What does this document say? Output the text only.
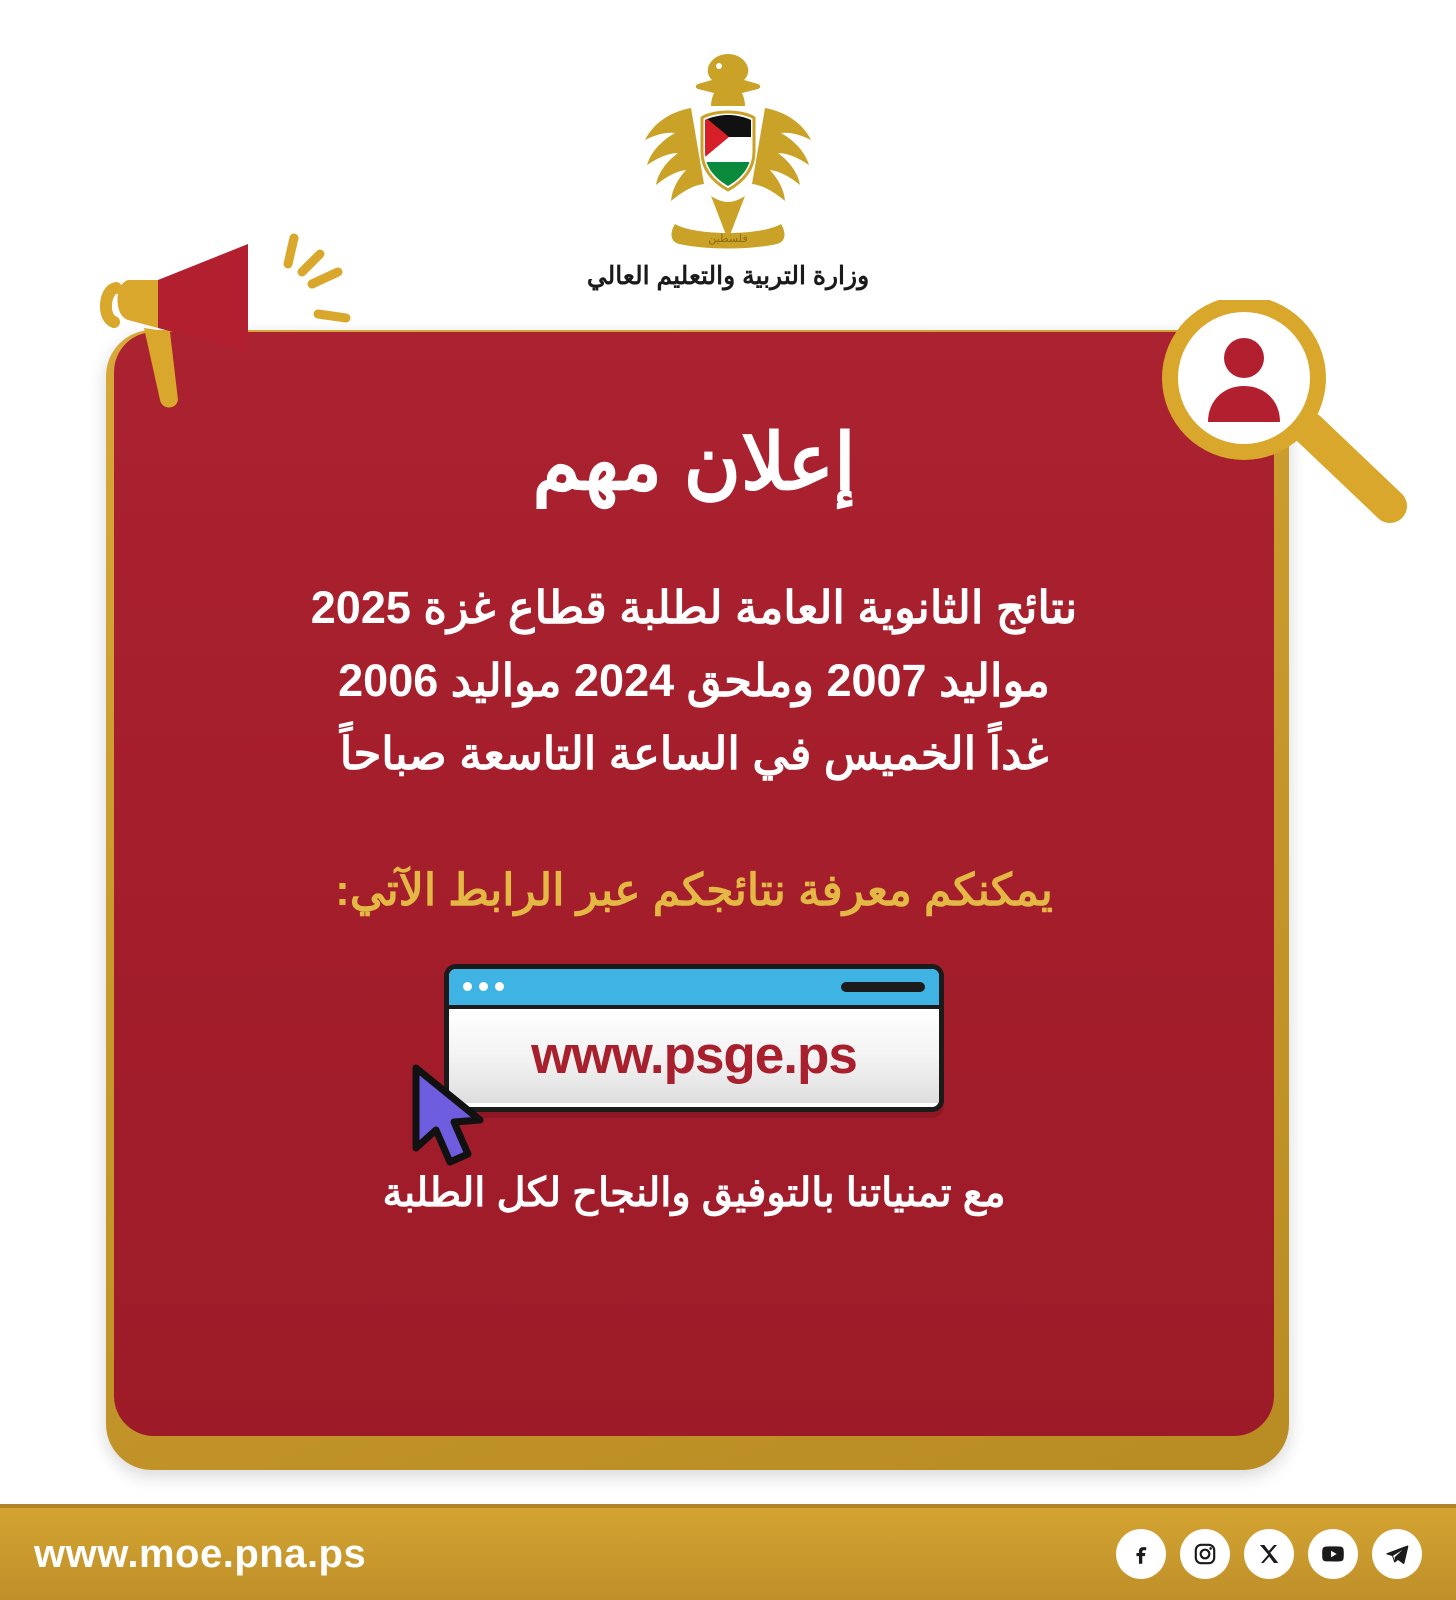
فلسطين
وزارة التربية والتعليم العالي
إعلان مهم
نتائج الثانوية العامة لطلبة قطاع غزة 2025
مواليد 2007 وملحق 2024 مواليد 2006
غداً الخميس في الساعة التاسعة صباحاً
يمكنكم معرفة نتائجكم عبر الرابط الآتي:
www.psge.ps
مع تمنياتنا بالتوفيق والنجاح لكل الطلبة
www.moe.pna.ps
